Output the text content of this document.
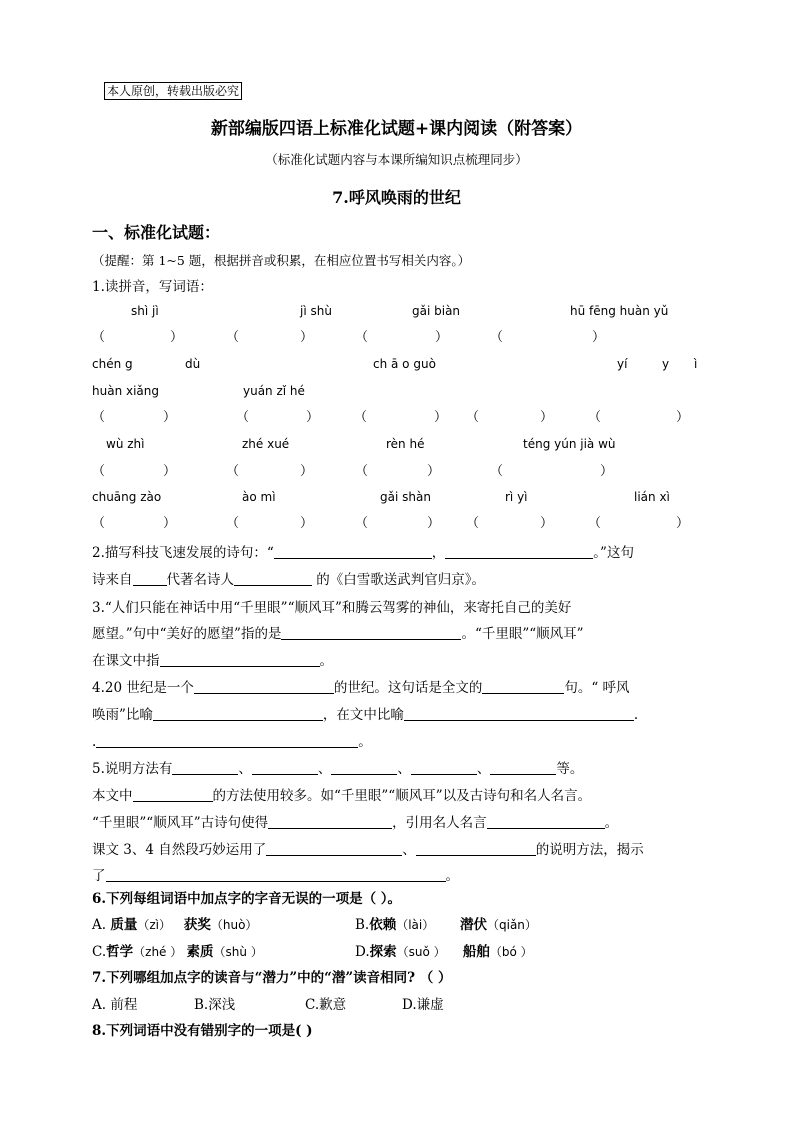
本人原创，转载出版必究
新部编版四语上标准化试题+课内阅读（附答案）
（标准化试题内容与本课所编知识点梳理同步）
7.呼风唤雨的世纪
一、标准化试题：
（提醒：第 1~5 题，根据拼音或积累，在相应位置书写相关内容。）
1.读拼音，写词语：
shì jì	jì shù	gǎi biàn	hū fēng huàn yǔ
（	）	（	）	（	）	（	）
chén g	dù	ch ā o guò	yí	y ì
huàn xiǎng	yuán zǐ hé
（	）	（	）	（	） （	）	（	）
wù zhì	zhé xué	rèn hé	téng yún jià wù
（	）	（	）	（	）	（	）
chuāng zào	ào mì	gǎi shàn	rì yì	lián xì
（	）	（	）	（	） （	）	（	）
2.描写科技飞速发展的诗句：“	，	。”这句
诗来自	代著名诗人	的《白雪歌送武判官归京》。
3.“人们只能在神话中用“千里眼”“顺风耳”和腾云驾雾的神仙，来寄托自己的美好
愿望。”句中“美好的愿望”指的是	。“千里眼”“顺风耳”
在课文中指	。
4.20 世纪是一个	的世纪。这句话是全文的	句。“ 呼风
唤雨”比喻	，在文中比喻	.
.	。
5.说明方法有	、	、	、	、	等。
本文中	的方法使用较多。如“千里眼”“顺风耳”以及古诗句和名人名言。
“千里眼”“顺风耳”古诗句使得	，引用名人名言	。
课文 3、4 自然段巧妙运用了	、	的说明方法，揭示
了	。
6.下列每组词语中加点字的字音无误的一项是（ ）。
A. 质量（zì） 获奖（huò）	B.依赖（lài） 潜伏（qiǎn）
C.哲学（zhé ） 素质（shù ）	D.探索（suǒ ） 船舶（bó ）
7.下列哪组加点字的读音与“潜力”中的“潜”读音相同? （ ）
A. 前程	B.深浅	C.歉意	D.谦虚
8.下列词语中没有错别字的一项是( )
